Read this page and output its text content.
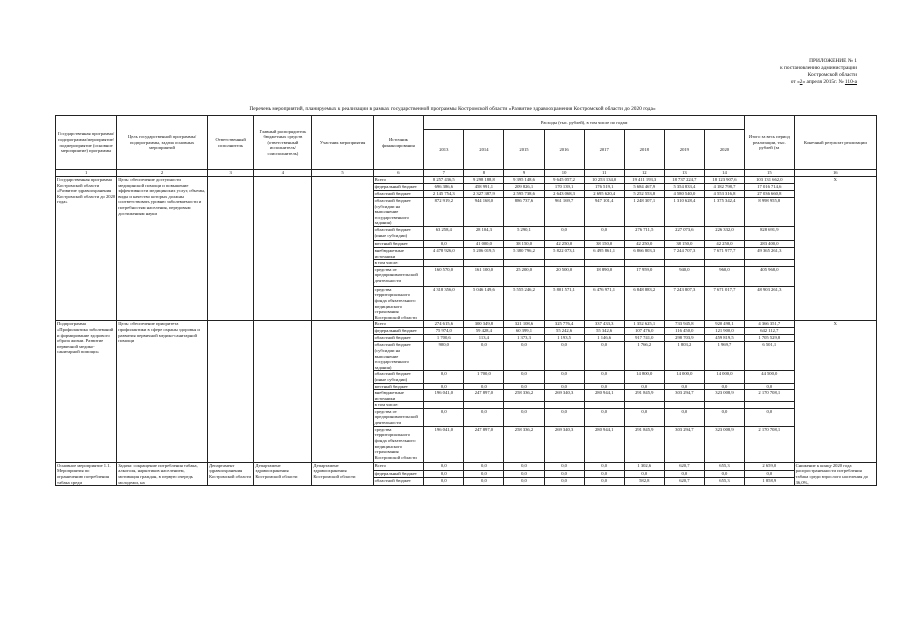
ПРИЛОЖЕНИЕ № 1
к постановлению администрации
Костромской области
от «2» апреля 2015г. № 110-а
Перечень мероприятий, планируемых к реализации в рамках государственной программы Костромской области «Развитие здравоохранения Костромской области до 2020 года»
Государственная программа/подпрограмма/мероприятие/ подмероприятие (основное мероприятие) программы	Цель государственной программы/подпрограммы, задача основных мероприятий	Ответственный исполнитель	Главный распорядитель бюджетных средств (ответственный исполнитель/ соисполнитель)	Участник мероприятия	Источник финансирования	Расходы (тыс. рублей), в том числе по годам								Итого за весь период реализации, тыс. рублей (за	Конечный результат реализации
						2013	2014	2015	2016	2017	2018	2019	2020		
1	2	3	4	5	6	7	8	9	10	11	12	13	14	15	16
Государственная программа Костромской области «Развитие здравоохранения Костромской области до 2020 года»	Цель: обеспечение доступности медицинской помощи и повышение эффективности медицинских услуг, объемы, виды и качество которых должны соответствовать уровню заболеваемости и потребностям населения, передовым достижениям науки				Всего	8 257 436,5	9 298 188,8	9 395 148,6	9 645 057,2	10 253 134,0	19 411 193,3	18 737 224,7	18 123 907,6	103 131 662,0	Х
					федеральный бюджет	696 386,6	458 991,1	209 826,1	170 139,1	176 519,1	5 684 467,9	5 354 833,4	4 182 798,7	17 016 714,6	
					областной бюджет	2 145 754,3	2 327 387,9	2 595 738,6	2 643 068,3	2 695 620,4	5 252 553,8	4 580 540,0	4 553 316,8	27 036 660,8	
					областной бюджет (субсидии на выполнение государственного задания)	872 919,2	944 168,0	886 737,6	961 169,7	947 101,4	1 248 307,1	1 310 628,4	1 375 342,4	8 998 955,8	
					областной бюджет (иные субсидии)	63 258,4	28 104,3	5 290,1	0,0	0,0	276 711,5	227 073,6	226 332,0	828 691,9	
					местный бюджет	0,0	41 000,0	38 150,0	42 250,0	38 150,0	42 250,0	38 150,0	42 250,0	283 400,0	
					внебюджетные источники	4 478 926,0	5 206 019,5	5 380 796,2	5 822 073,1	6 495 861,1	6 866 803,3	7 244 707,3	7 671 977,7	49 365 261,3	
					в том числе:										
					средства от предпринимательской деятельности	160 570,0	161 100,0	25 200,0	20 500,0	18 890,0	17 959,0	940,0	960,0	405 968,0	
					средства территориального фонда обязательного медицинского страхования Костромской области	4 318 356,0	5 046 149,6	5 555 246,2	5 801 571,1	6 476 971,1	6 848 883,2	7 243 807,3	7 671 017,7	48 903 261,3	
Подпрограмма «Профилактика заболеваний и формирование здорового образа жизни. Развитие первичной медико-санитарной помощи»	Цель: обеспечение приоритета профилактики в сфере охраны здоровья и развития первичной медико-санитарной помощи				Всего	274 615,6	300 349,8	321 108,6	325 776,4	337 433,3	1 352 625,1	733 945,8	920 498,1	4 366 351,7	Х
					федеральный бюджет	75 974,0	59 428,4	60 399,1	55 242,6	55 342,6	107 476,0	116 450,0	121 900,0	642 112,7	
					областной бюджет	1 700,6	113,4	1 373,3	1 193,5	1 146,6	917 741,0	298 703,9	459 819,5	1 705 529,8	
					областной бюджет (субсидии на выполнение государственного задания)	900,0	0,0	0,0	0,0	0,0	1 766,2	1 803,2	1 969,7	6 501,1	
					областной бюджет (иные субсидии)	0,0	1 700,0	0,0	0,0	0,0	14 800,0	14 000,0	14 000,0	44 500,0	
					местный бюджет	0,0	0,0	0,0	0,0	0,0	0,0	0,0	0,0	0,0	
					внебюджетные источники	196 041,0	247 897,0	258 336,2	269 340,3	280 944,1	291 845,9	303 294,7	323 008,9	2 170 708,1	
					в том числе:										
					средства от предпринимательской деятельности	0,0	0,0	0,0	0,0	0,0	0,0	0,0	0,0	0,0	
					средства территориального фонда обязательного медицинского страхования Костромской области	196 041,0	247 897,0	258 336,2	269 340,3	280 944,1	291 845,9	303 294,7	323 008,9	2 170 708,1	
Основное мероприятие 1.1. Мероприятия по ограничению потребления табака среди	Задача: сокращение потребления табака, алкоголя, наркотиков населением, мотивация граждан, в первую очередь молодежи, на	Департамент здравоохранения Костромской области	Департамент здравоохранения Костромской области	Департамент здравоохранения Костромской области	Всего	0,0	0,0	0,0	0,0	0,0	1 302,6	620,7	655,3	2 659,0	Снижение к концу 2020 года распространенности потребления табака среди взрослого населения до 36,0%,
					федеральный бюджет	0,0	0,0	0,0	0,0	0,0	0,0	0,0	0,0	0,0	
					областной бюджет	0,0	0,0	0,0	0,0	0,0	582,8	620,7	655,3	1 858,9	
